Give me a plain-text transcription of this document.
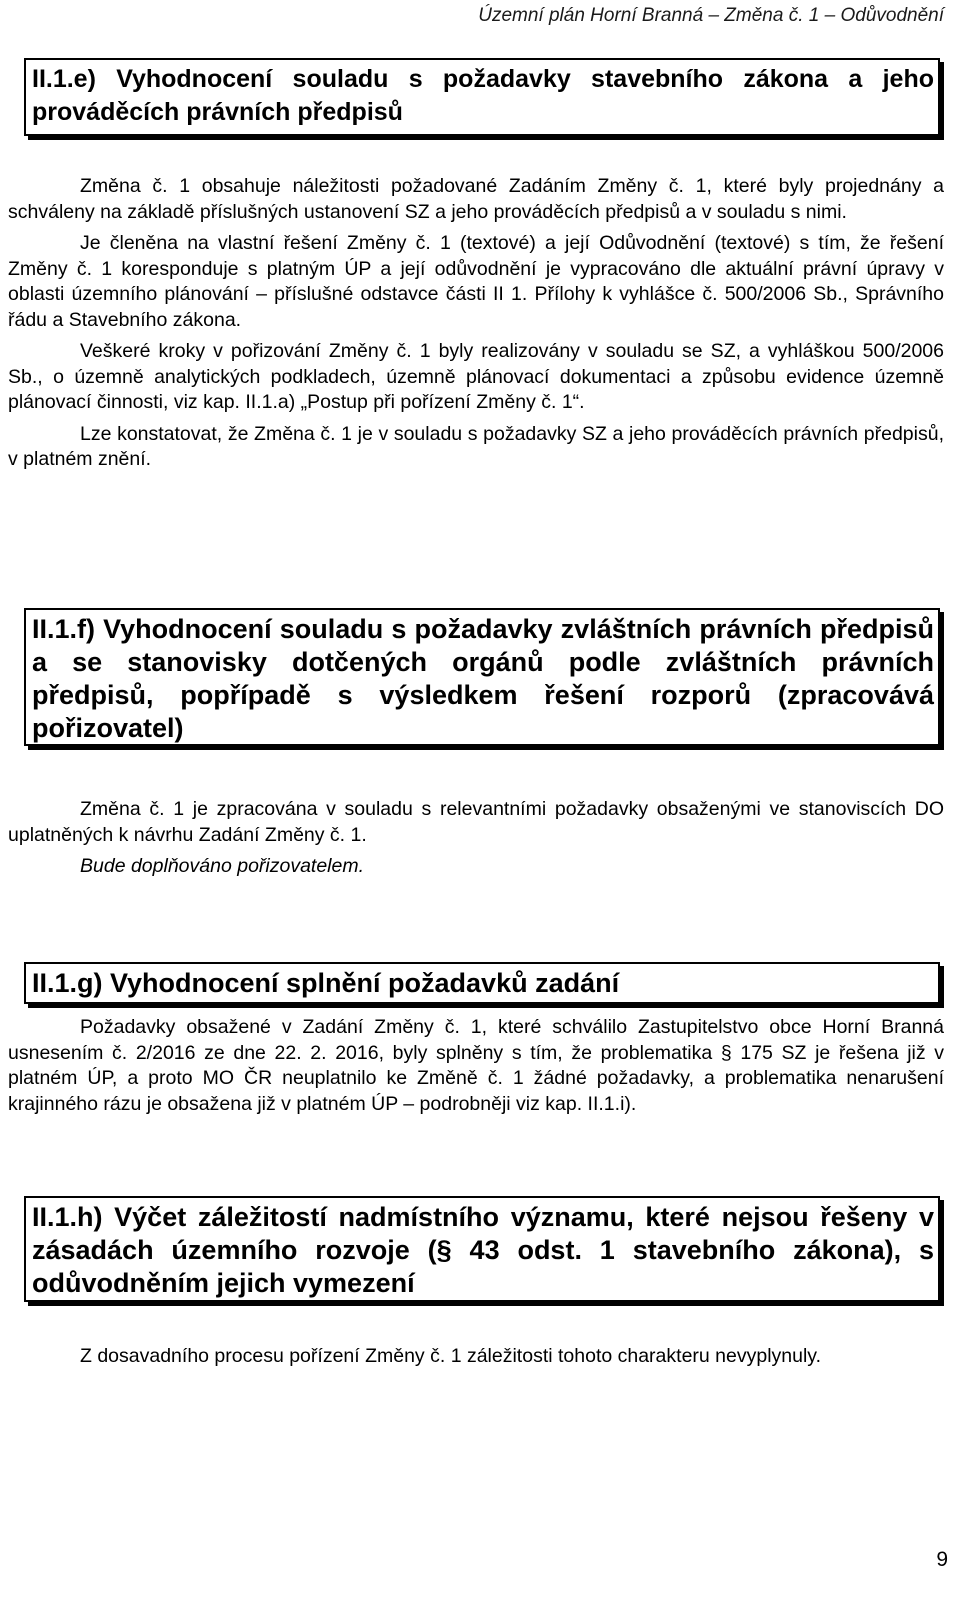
Územní plán Horní Branná – Změna č. 1 – Odůvodnění
II.1.e) Vyhodnocení souladu s požadavky stavebního zákona a jeho prováděcích právních předpisů

Změna č. 1 obsahuje náležitosti požadované Zadáním Změny č. 1, které byly projednány a schváleny na základě příslušných ustanovení SZ a jeho prováděcích předpisů a v souladu s nimi.

Je členěna na vlastní řešení Změny č. 1 (textové) a její Odůvodnění (textové) s tím, že řešení Změny č. 1 koresponduje s platným ÚP a její odůvodnění je vypracováno dle aktuální právní úpravy v oblasti územního plánování – příslušné odstavce části II 1. Přílohy k vyhlášce č. 500/2006 Sb., Správního řádu a Stavebního zákona.

Veškeré kroky v pořizování Změny č. 1 byly realizovány v souladu se SZ, a vyhláškou 500/2006 Sb., o územně analytických podkladech, územně plánovací dokumentaci a způsobu evidence územně plánovací činnosti, viz kap. II.1.a) „Postup při pořízení Změny č. 1“.

Lze konstatovat, že Změna č. 1 je v souladu s požadavky SZ a jeho prováděcích právních předpisů, v platném znění.

II.1.f) Vyhodnocení souladu s požadavky zvláštních právních předpisů a se stanovisky dotčených orgánů podle zvláštních právních předpisů, popřípadě s výsledkem řešení rozporů (zpracovává pořizovatel)

Změna č. 1 je zpracována v souladu s relevantními požadavky obsaženými ve stanoviscích DO uplatněných k návrhu Zadání Změny č. 1.

Bude doplňováno pořizovatelem.

II.1.g) Vyhodnocení splnění požadavků zadání

Požadavky obsažené v Zadání Změny č. 1, které schválilo Zastupitelstvo obce Horní Branná usnesením č. 2/2016 ze dne 22. 2. 2016, byly splněny s tím, že problematika § 175 SZ je řešena již v platném ÚP, a proto MO ČR neuplatnilo ke Změně č. 1 žádné požadavky, a problematika nenarušení krajinného rázu je obsažena již v platném ÚP – podrobněji viz kap. II.1.i).

II.1.h) Výčet záležitostí nadmístního významu, které nejsou řešeny v zásadách územního rozvoje (§ 43 odst. 1 stavebního zákona), s odůvodněním jejich vymezení

Z dosavadního procesu pořízení Změny č. 1 záležitosti tohoto charakteru nevyplynuly.

9
